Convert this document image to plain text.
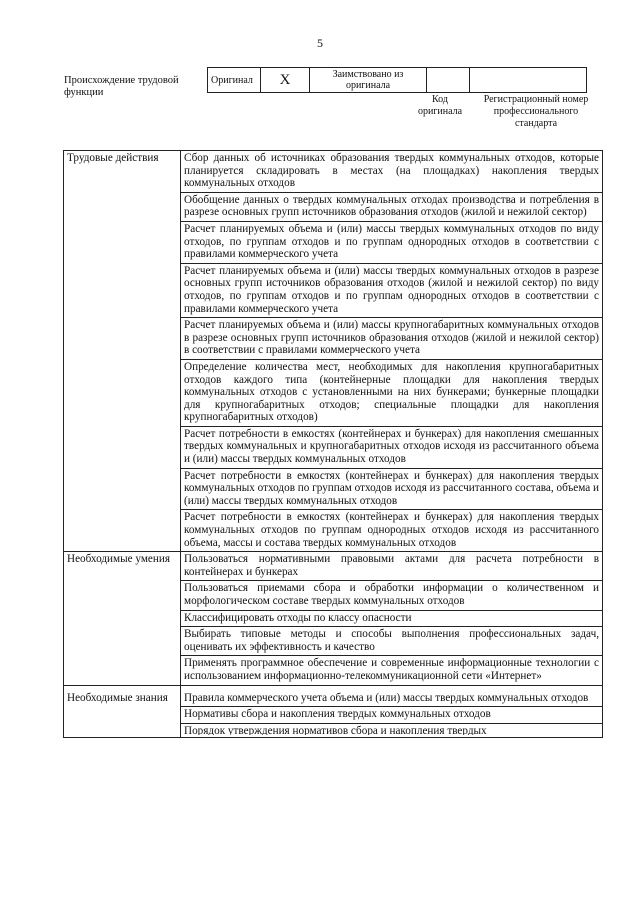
5
Происхождение трудовой функции
Оригинал	X	Заимствовано из оригинала		
Код оригинала
Регистрационный номер профессионального стандарта
Трудовые действия	Сбор данных об источниках образования твердых коммунальных отходов, которые планируется складировать в местах (на площадках) накопления твердых коммунальных отходов
	Обобщение данных о твердых коммунальных отходах производства и потребления в разрезе основных групп источников образования отходов (жилой и нежилой сектор)
	Расчет планируемых объема и (или) массы твердых коммунальных отходов по виду отходов, по группам отходов и по группам однородных отходов в соответствии с правилами коммерческого учета
	Расчет планируемых объема и (или) массы твердых коммунальных отходов в разрезе основных групп источников образования отходов (жилой и нежилой сектор) по виду отходов, по группам отходов и по группам однородных отходов в соответствии с правилами коммерческого учета
	Расчет планируемых объема и (или) массы крупногабаритных коммунальных отходов в разрезе основных групп источников образования отходов (жилой и нежилой сектор) в соответствии с правилами коммерческого учета
	Определение количества мест, необходимых для накопления крупногабаритных отходов каждого типа (контейнерные площадки для накопления твердых коммунальных отходов с установленными на них бункерами; бункерные площадки для крупногабаритных отходов; специальные площадки для накопления крупногабаритных отходов)
	Расчет потребности в емкостях (контейнерах и бункерах) для накопления смешанных твердых коммунальных и крупногабаритных отходов исходя из рассчитанного объема и (или) массы твердых коммунальных отходов
	Расчет потребности в емкостях (контейнерах и бункерах) для накопления твердых коммунальных отходов по группам отходов исходя из рассчитанного состава, объема и (или) массы твердых коммунальных отходов
	Расчет потребности в емкостях (контейнерах и бункерах) для накопления твердых коммунальных отходов по группам однородных отходов исходя из рассчитанного объема, массы и состава твердых коммунальных отходов
Необходимые умения	Пользоваться нормативными правовыми актами для расчета потребности в контейнерах и бункерах
	Пользоваться приемами сбора и обработки информации о количественном и морфологическом составе твердых коммунальных отходов
	Классифицировать отходы по классу опасности
	Выбирать типовые методы и способы выполнения профессиональных задач, оценивать их эффективность и качество
	Применять программное обеспечение и современные информационные технологии с использованием информационно-телекоммуникационной сети «Интернет»
Необходимые знания	Правила коммерческого учета объема и (или) массы твердых коммунальных отходов
	Нормативы сбора и накопления твердых коммунальных отходов

	Порядок утверждения нормативов сбора и накопления твердых
